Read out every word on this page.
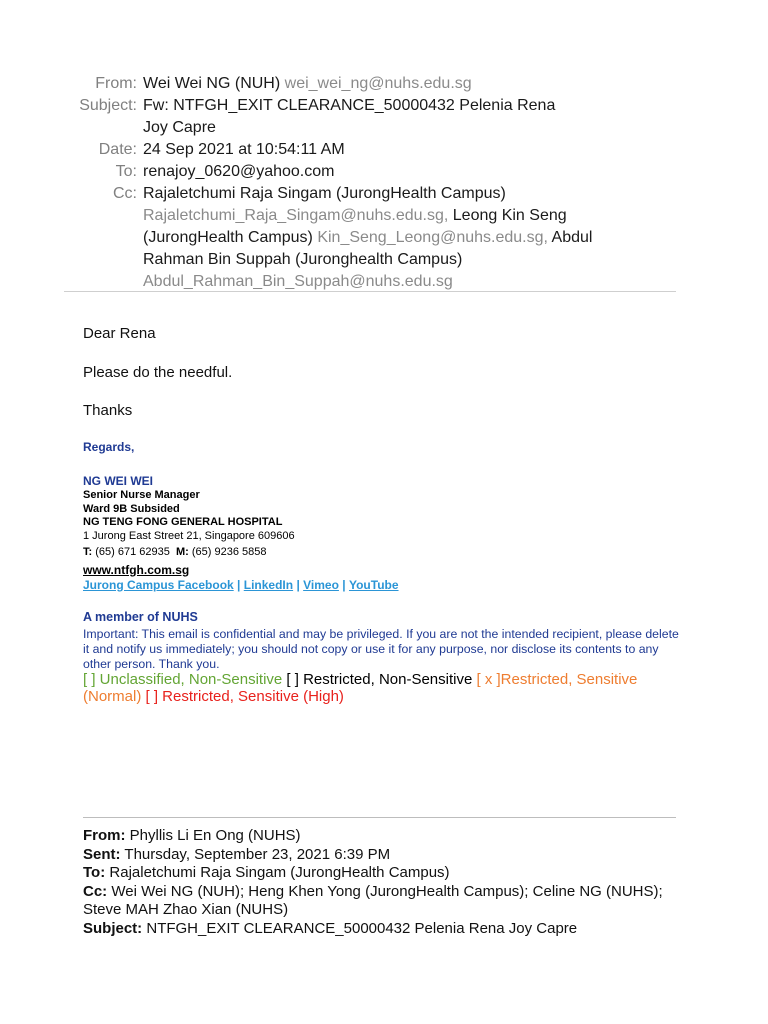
From: Wei Wei NG (NUH) wei_wei_ng@nuhs.edu.sg
Subject: Fw: NTFGH_EXIT CLEARANCE_50000432 Pelenia Rena
Joy Capre
Date: 24 Sep 2021 at 10:54:11 AM
To: renajoy_0620@yahoo.com
Cc: Rajaletchumi Raja Singam (JurongHealth Campus)
Rajaletchumi_Raja_Singam@nuhs.edu.sg, Leong Kin Seng
(JurongHealth Campus) Kin_Seng_Leong@nuhs.edu.sg, Abdul
Rahman Bin Suppah (Juronghealth Campus)
Abdul_Rahman_Bin_Suppah@nuhs.edu.sg
Dear Rena
Please do the needful.
Thanks
Regards,
NG WEI WEI
Senior Nurse Manager
Ward 9B Subsided
NG TENG FONG GENERAL HOSPITAL
1 Jurong East Street 21, Singapore 609606
T: (65) 671 62935 M: (65) 9236 5858
www.ntfgh.com.sg
Jurong Campus Facebook | LinkedIn | Vimeo | YouTube
A member of NUHS
Important: This email is confidential and may be privileged. If you are not the intended recipient, please delete it and notify us immediately; you should not copy or use it for any purpose, nor disclose its contents to any other person. Thank you.
[ ] Unclassified, Non-Sensitive [ ] Restricted, Non-Sensitive [ x ]Restricted, Sensitive (Normal) [ ] Restricted, Sensitive (High)
From: Phyllis Li En Ong (NUHS)
Sent: Thursday, September 23, 2021 6:39 PM
To: Rajaletchumi Raja Singam (JurongHealth Campus)
Cc: Wei Wei NG (NUH); Heng Khen Yong (JurongHealth Campus); Celine NG (NUHS); Steve MAH Zhao Xian (NUHS)
Subject: NTFGH_EXIT CLEARANCE_50000432 Pelenia Rena Joy Capre
